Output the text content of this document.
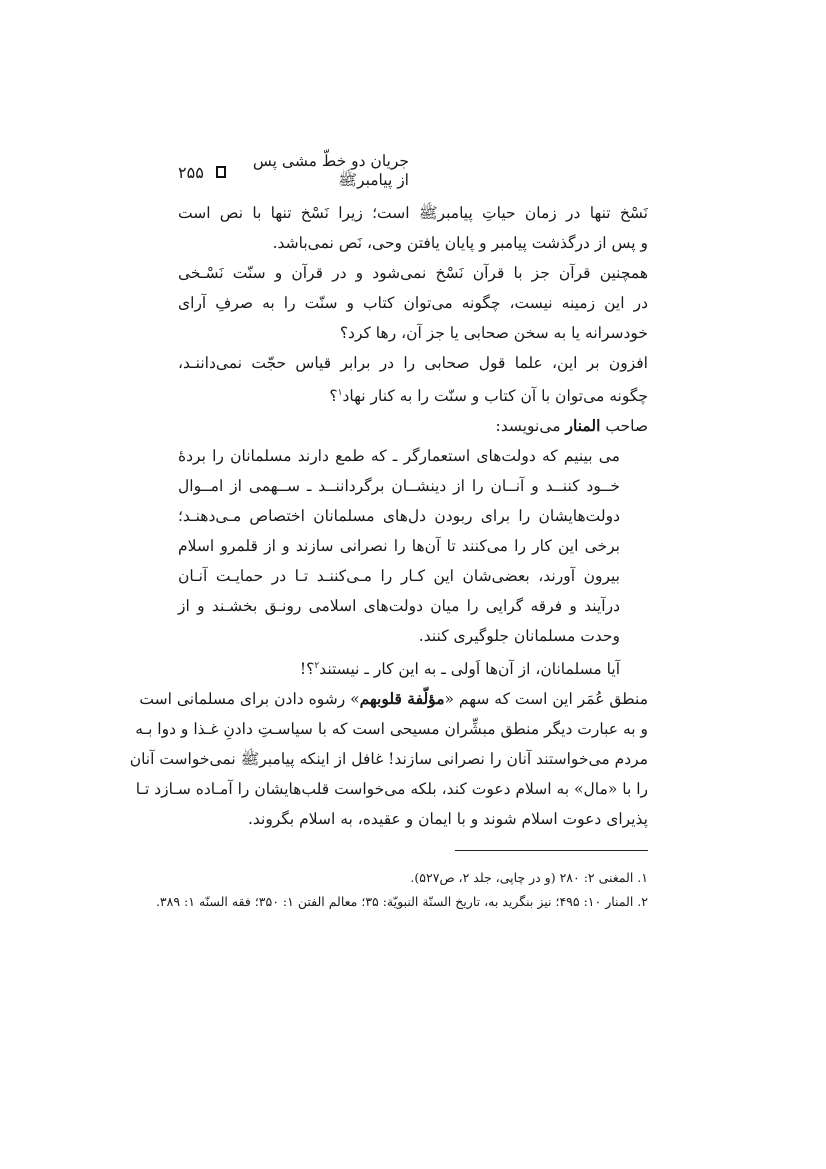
جریان دو خطّ مشی پس از پیامبرﷺ
۲۵۵
نَسْخ تنها در زمان حیاتِ پیامبرﷺ است؛ زیرا نَسْخ تنها با نص است
و پس از درگذشت پیامبر و پایان یافتن وحی، نَص نمی‌باشد.
همچنین قرآن جز با قرآن نَسْخ نمی‌شود و در قرآن و سنّت نَسْـخی
در این زمینه نیست، چگونه می‌توان کتاب و سنّت را به صرفِ آرای
خودسرانه یا به سخن صحابی یا جز آن، رها کرد؟
افزون بر این، علما قول صحابی را در برابر قیاس حجّت نمی‌داننـد،
چگونه می‌توان با آن کتاب و سنّت را به کنار نهاد$^۱$؟
صاحب المنار می‌نویسد:
می بینیم که دولت‌های استعمارگر ـ که طمع دارند مسلمانان را بردهٔ
خــود کننــد و آنــان را از دینشــان برگرداننــد ـ ســهمی از امــوال
دولت‌هایشان را برای ربودن دل‌های مسلمانان اختصاص مـی‌دهنـد؛
برخی این کار را می‌کنند تا آن‌ها را نصرانی سازند و از قلمرو اسلام
بیرون آورند، بعضی‌شان این کـار را مـی‌کننـد تـا در حمایـت آنـان
درآیند و فرقه گرایی را میان دولت‌های اسلامی رونـق بخشـند و از
وحدت مسلمانان جلوگیری کنند.
آیا مسلمانان، از آن‌ها اَولی ـ به این کار ـ نیستند$^۲$؟!
منطق عُمَر این است که سهم «مؤلّفة قلوبهم» رشوه دادن برای مسلمانی است
و به عبارت دیگر منطق مبشِّران مسیحی است که با سیاسـتِ دادنِ غـذا و دوا بـه
مردم می‌خواستند آنان را نصرانی سازند! غافل از اینکه پیامبرﷺ نمی‌خواست آنان
را با «مال» به اسلام دعوت کند، بلکه می‌خواست قلب‌هایشان را آمـاده سـازد تـا
پذیرای دعوت اسلام شوند و با ایمان و عقیده، به اسلام بگروند.
۱. المغنی ۲: ۲۸۰ (و در چاپی، جلد ۲، ص۵۲۷).
۲. المنار ۱۰: ۴۹۵؛ نیز بنگرید به، تاریخ السنّة النبویّة: ۳۵؛ معالم الفتن ۱: ۳۵۰؛ فقه السنّه ۱: ۳۸۹.
